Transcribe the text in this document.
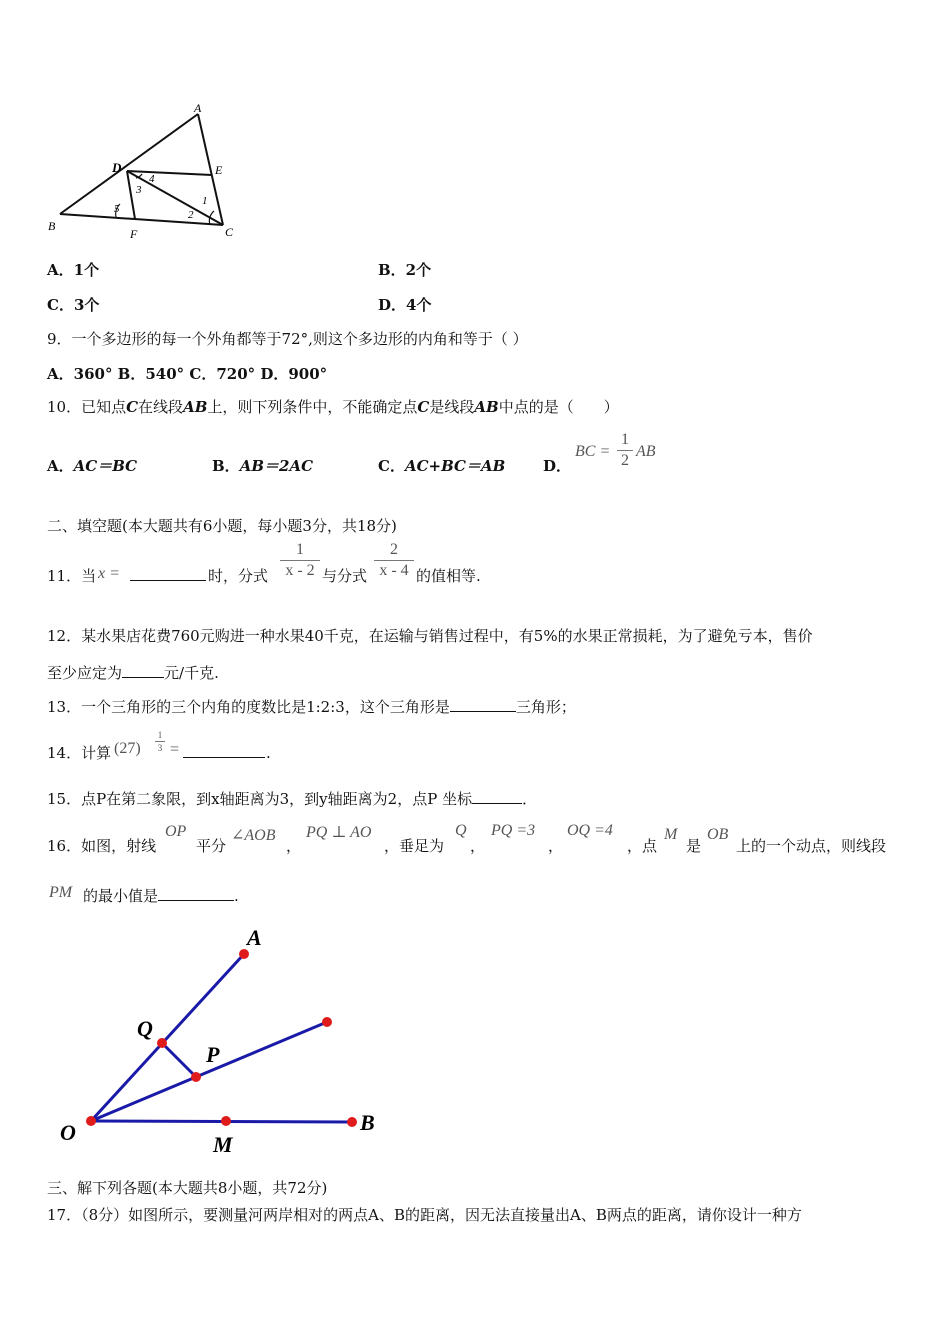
A
D	E
B
F	C
1
2
3
4
5
A．1个	B．2个
C．3个	D．4个
9．一个多边形的每一个外角都等于72°,则这个多边形的内角和等于（ ）
A．360° B．540° C．720° D．900°
10．已知点C在线段AB上，则下列条件中，不能确定点C是线段AB中点的是（　　）
A．AC＝BC	B．AB＝2AC	C．AC+BC＝AB	D．
BC =
1
2
AB
二、填空题(本大题共有6小题，每小题3分，共18分)
11．当 x =	时，分式
1
x - 2 与分式
2
x - 4 的值相等.
12．某水果店花费760元购进一种水果40千克，在运输与销售过程中，有5%的水果正常损耗，为了避免亏本，售价
至少应定为	元/千克.
13．一个三角形的三个内角的度数比是1:2:3，这个三角形是	三角形；
14．计算 (27)
1
3 =	.
15．点P在第二象限，到x轴距离为3，到y轴距离为2，点P 坐标	．
16．如图，射线
OP
平分
∠AOB
，
PQ ⊥ AO
，垂足为
Q
，
PQ =3
，
OQ =4
，点
M
是
OB
上的一个动点，则线段
PM 的最小值是	.
A
Q
P
O	M
B
三、解下列各题(本大题共8小题，共72分)
17．（8分）如图所示，要测量河两岸相对的两点A、B的距离，因无法直接量出A、B两点的距离，请你设计一种方
